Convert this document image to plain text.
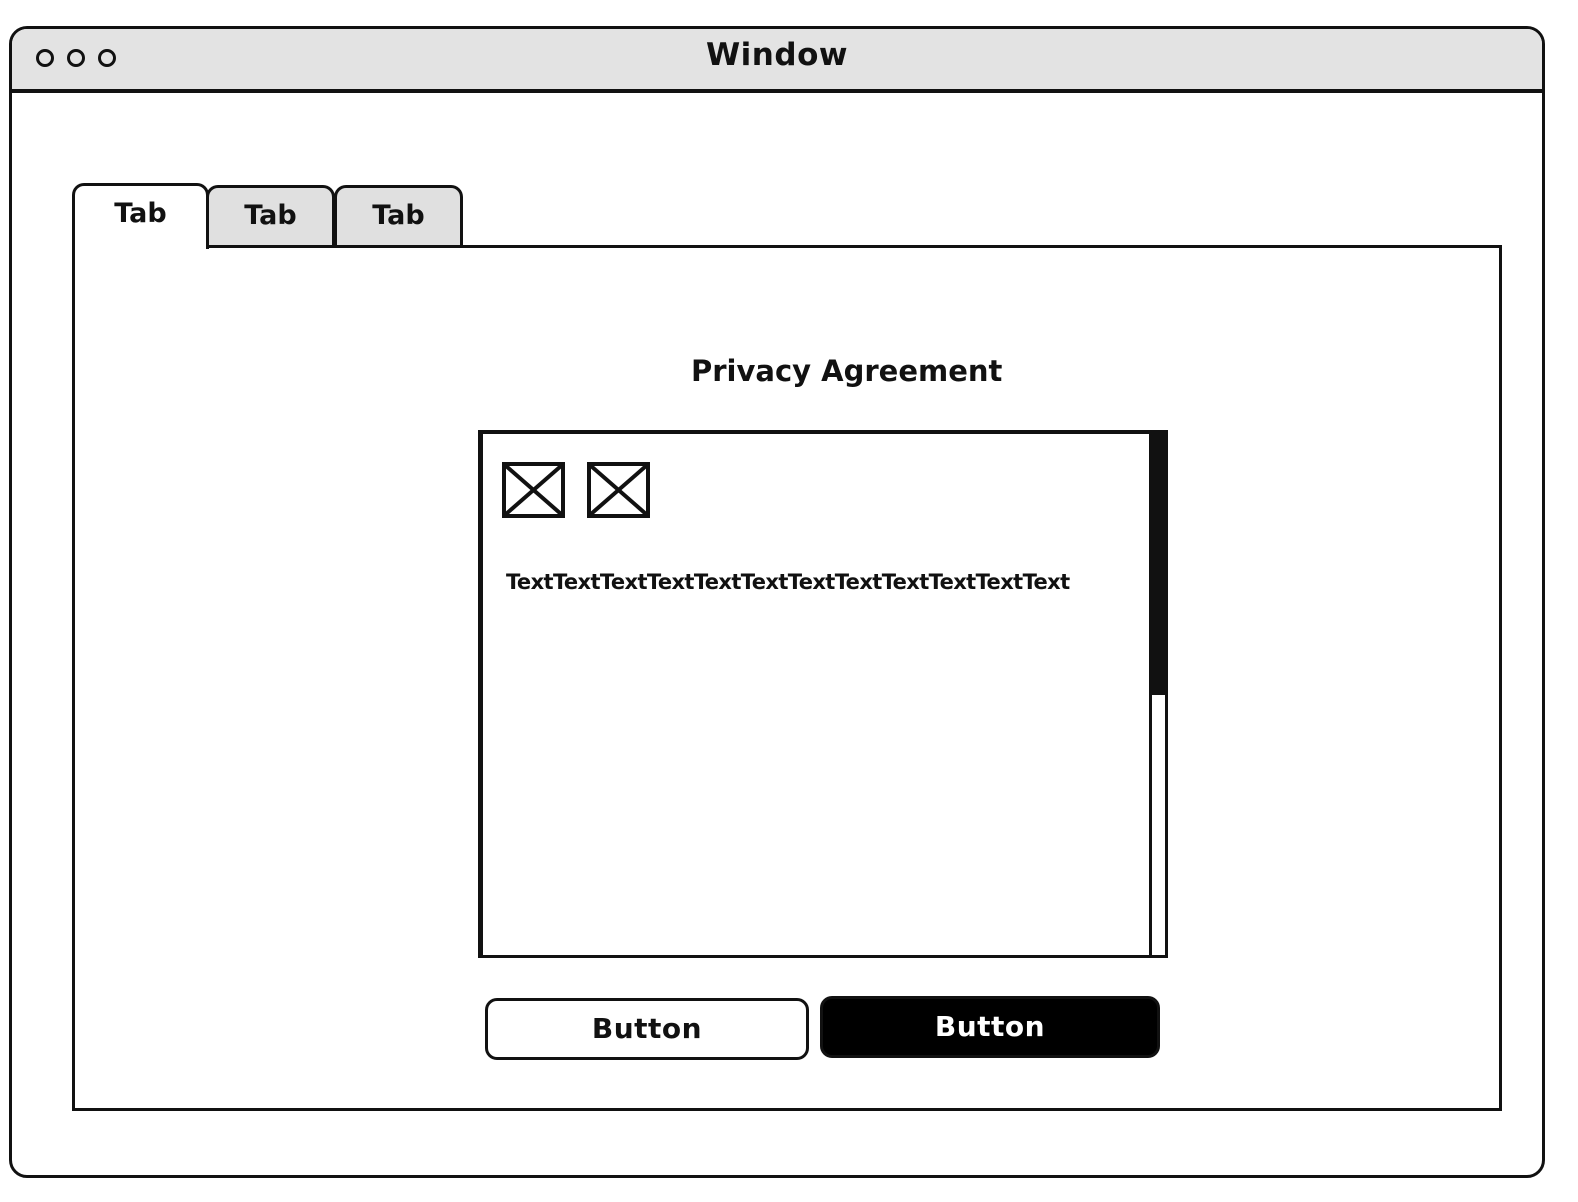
Window
Tab	Tab	Tab
Privacy Agreement
TextTextTextTextTextTextTextTextTextTextTextText
Button	Button
